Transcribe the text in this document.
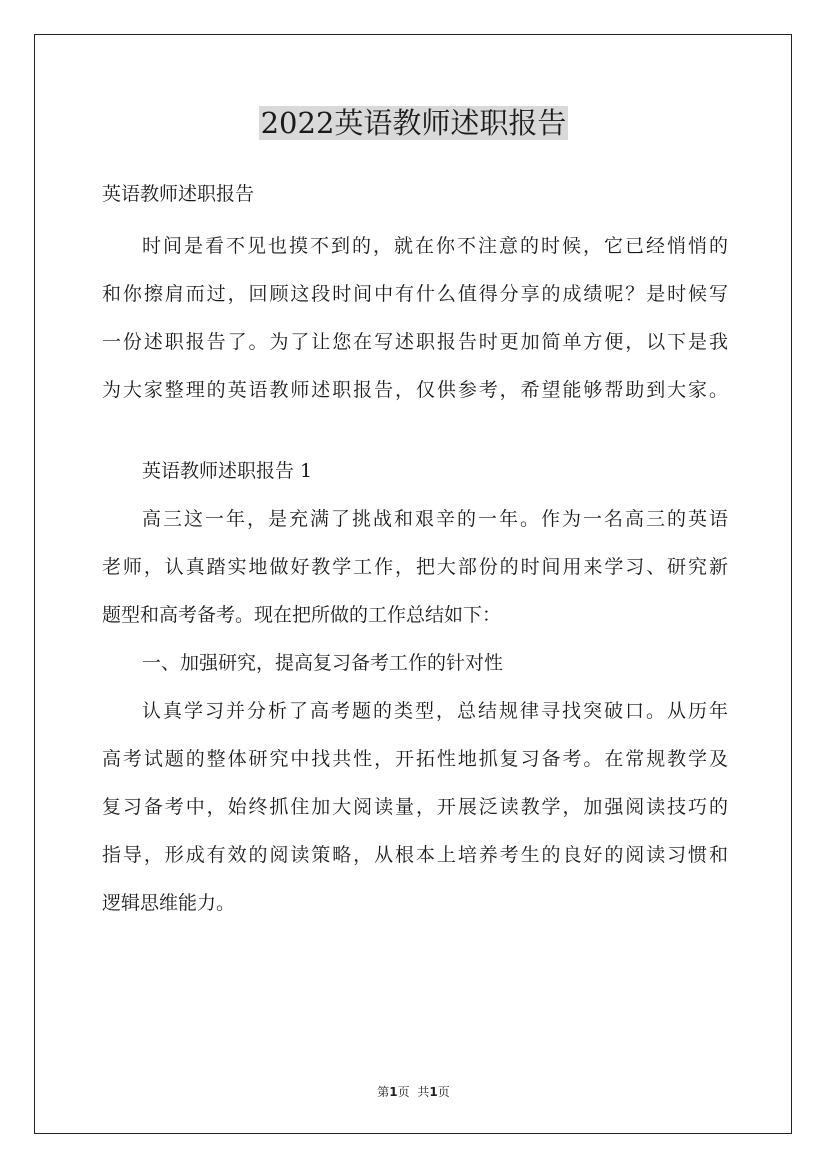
2022英语教师述职报告
英语教师述职报告
时间是看不见也摸不到的，就在你不注意的时候，它已经悄悄的
和你擦肩而过，回顾这段时间中有什么值得分享的成绩呢？是时候写
一份述职报告了。为了让您在写述职报告时更加简单方便，以下是我
为大家整理的英语教师述职报告，仅供参考，希望能够帮助到大家。
英语教师述职报告 1
高三这一年，是充满了挑战和艰辛的一年。作为一名高三的英语
老师，认真踏实地做好教学工作，把大部份的时间用来学习、研究新
题型和高考备考。现在把所做的工作总结如下：
一、加强研究，提高复习备考工作的针对性
认真学习并分析了高考题的类型，总结规律寻找突破口。从历年
高考试题的整体研究中找共性，开拓性地抓复习备考。在常规教学及
复习备考中，始终抓住加大阅读量，开展泛读教学，加强阅读技巧的
指导，形成有效的阅读策略，从根本上培养考生的良好的阅读习惯和
逻辑思维能力。
第1页 共1页
